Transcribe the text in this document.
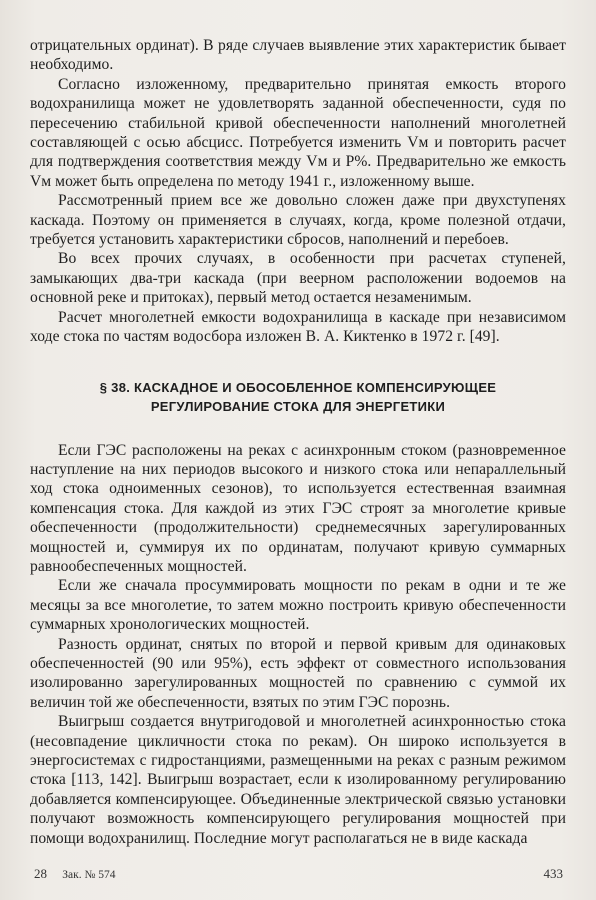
отрицательных ординат). В ряде случаев выявление этих характеристик бывает необходимо.

Согласно изложенному, предварительно принятая емкость второго водохранилища может не удовлетворять заданной обеспеченности, судя по пересечению стабильной кривой обеспеченности наполнений многолетней составляющей с осью абсцисс. Потребуется изменить Vм и повторить расчет для подтверждения соответствия между Vм и P%. Предварительно же емкость Vм может быть определена по методу 1941 г., изложенному выше.

Рассмотренный прием все же довольно сложен даже при двухступенях каскада. Поэтому он применяется в случаях, когда, кроме полезной отдачи, требуется установить характеристики сбросов, наполнений и перебоев.

Во всех прочих случаях, в особенности при расчетах ступеней, замыкающих два-три каскада (при веерном расположении водоемов на основной реке и притоках), первый метод остается незаменимым.

Расчет многолетней емкости водохранилища в каскаде при независимом ходе стока по частям водосбора изложен В. А. Киктенко в 1972 г. [49].

§ 38. КАСКАДНОЕ И ОБОСОБЛЕННОЕ КОМПЕНСИРУЮЩЕЕ
РЕГУЛИРОВАНИЕ СТОКА ДЛЯ ЭНЕРГЕТИКИ

Если ГЭС расположены на реках с асинхронным стоком (разновременное наступление на них периодов высокого и низкого стока или непараллельный ход стока одноименных сезонов), то используется естественная взаимная компенсация стока. Для каждой из этих ГЭС строят за многолетие кривые обеспеченности (продолжительности) среднемесячных зарегулированных мощностей и, суммируя их по ординатам, получают кривую суммарных равнообеспеченных мощностей.

Если же сначала просуммировать мощности по рекам в одни и те же месяцы за все многолетие, то затем можно построить кривую обеспеченности суммарных хронологических мощностей.

Разность ординат, снятых по второй и первой кривым для одинаковых обеспеченностей (90 или 95%), есть эффект от совместного использования изолированно зарегулированных мощностей по сравнению с суммой их величин той же обеспеченности, взятых по этим ГЭС порознь.

Выигрыш создается внутригодовой и многолетней асинхронностью стока (несовпадение цикличности стока по рекам). Он широко используется в энергосистемах с гидростанциями, размещенными на реках с разным режимом стока [113, 142]. Выигрыш возрастает, если к изолированному регулированию добавляется компенсирующее. Объединенные электрической связью установки получают возможность компенсирующего регулирования мощностей при помощи водохранилищ. Последние могут располагаться не в виде каскада

28 Зак. № 574	433
